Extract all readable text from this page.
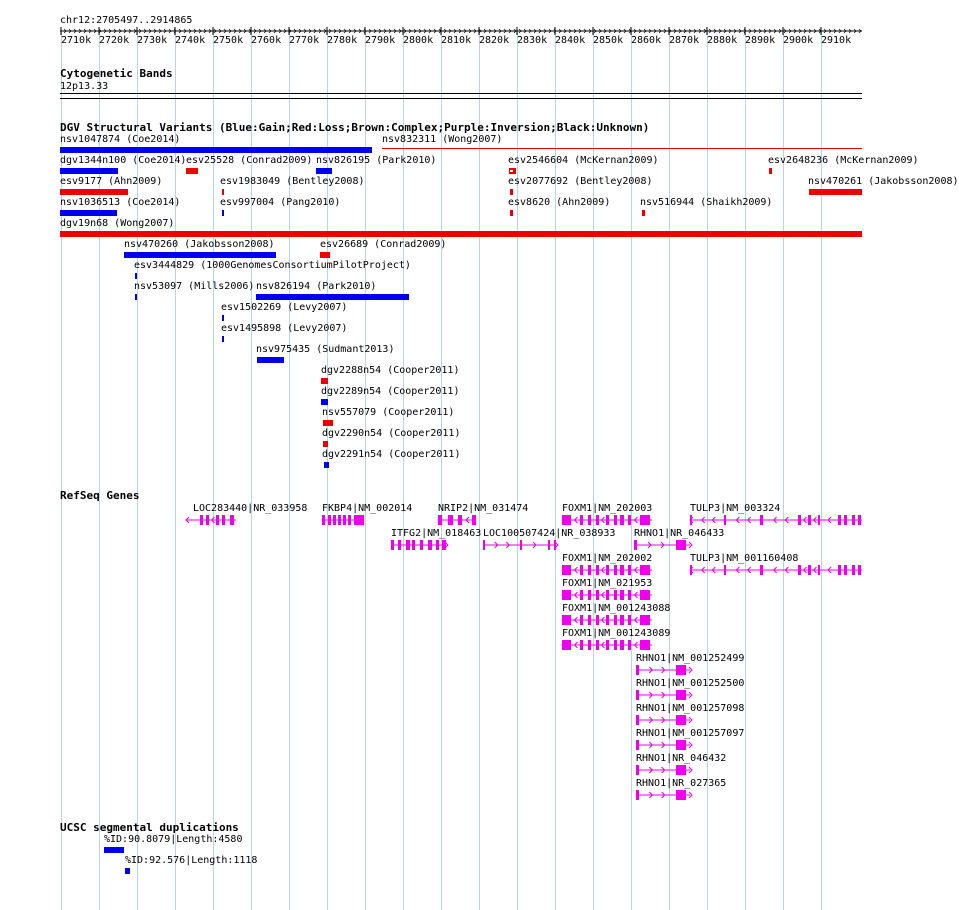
chr12:2705497..2914865
2710k 2720k 2730k 2740k 2750k 2760k 2770k 2780k 2790k 2800k 2810k 2820k 2830k 2840k 2850k 2860k 2870k 2880k 2890k 2900k 2910k
Cytogenetic Bands
12p13.33
DGV Structural Variants (Blue:Gain;Red:Loss;Brown:Complex;Purple:Inversion;Black:Unknown)
nsv1047874 (Coe2014)	nsv832311 (Wong2007)
dgv1344n100 (Coe2014) esv25528 (Conrad2009) nsv826195 (Park2010)	esv2546604 (McKernan2009)	esv2648236 (McKernan2009)
esv9177 (Ahn2009)	esv1983049 (Bentley2008)	esv2077692 (Bentley2008)	nsv470261 (Jakobsson2008)
nsv1036513 (Coe2014)	esv997004 (Pang2010)	esv8620 (Ahn2009)	nsv516944 (Shaikh2009)
dgv19n68 (Wong2007)
nsv470260 (Jakobsson2008)	esv26689 (Conrad2009)
esv3444829 (1000GenomesConsortiumPilotProject)
nsv53097 (Mills2006) nsv826194 (Park2010)
esv1502269 (Levy2007)
esv1495898 (Levy2007)
nsv975435 (Sudmant2013)
dgv2288n54 (Cooper2011)
dgv2289n54 (Cooper2011)
nsv557079 (Cooper2011)
dgv2290n54 (Cooper2011)
dgv2291n54 (Cooper2011)
RefSeq Genes
LOC283440|NR_033958 FKBP4|NM_002014	NRIP2|NM_031474	FOXM1|NM_202003	TULP3|NM_003324
ITFG2|NM_018463 LOC100507424|NR_038933 RHNO1|NR_046433
FOXM1|NM_202002	TULP3|NM_001160408
FOXM1|NM_021953
FOXM1|NM_001243088
FOXM1|NM_001243089
RHNO1|NM_001252499
RHNO1|NM_001252500
RHNO1|NM_001257098
RHNO1|NM_001257097
RHNO1|NR_046432
RHNO1|NR_027365
UCSC segmental duplications
%ID:90.8079|Length:4580
%ID:92.576|Length:1118
